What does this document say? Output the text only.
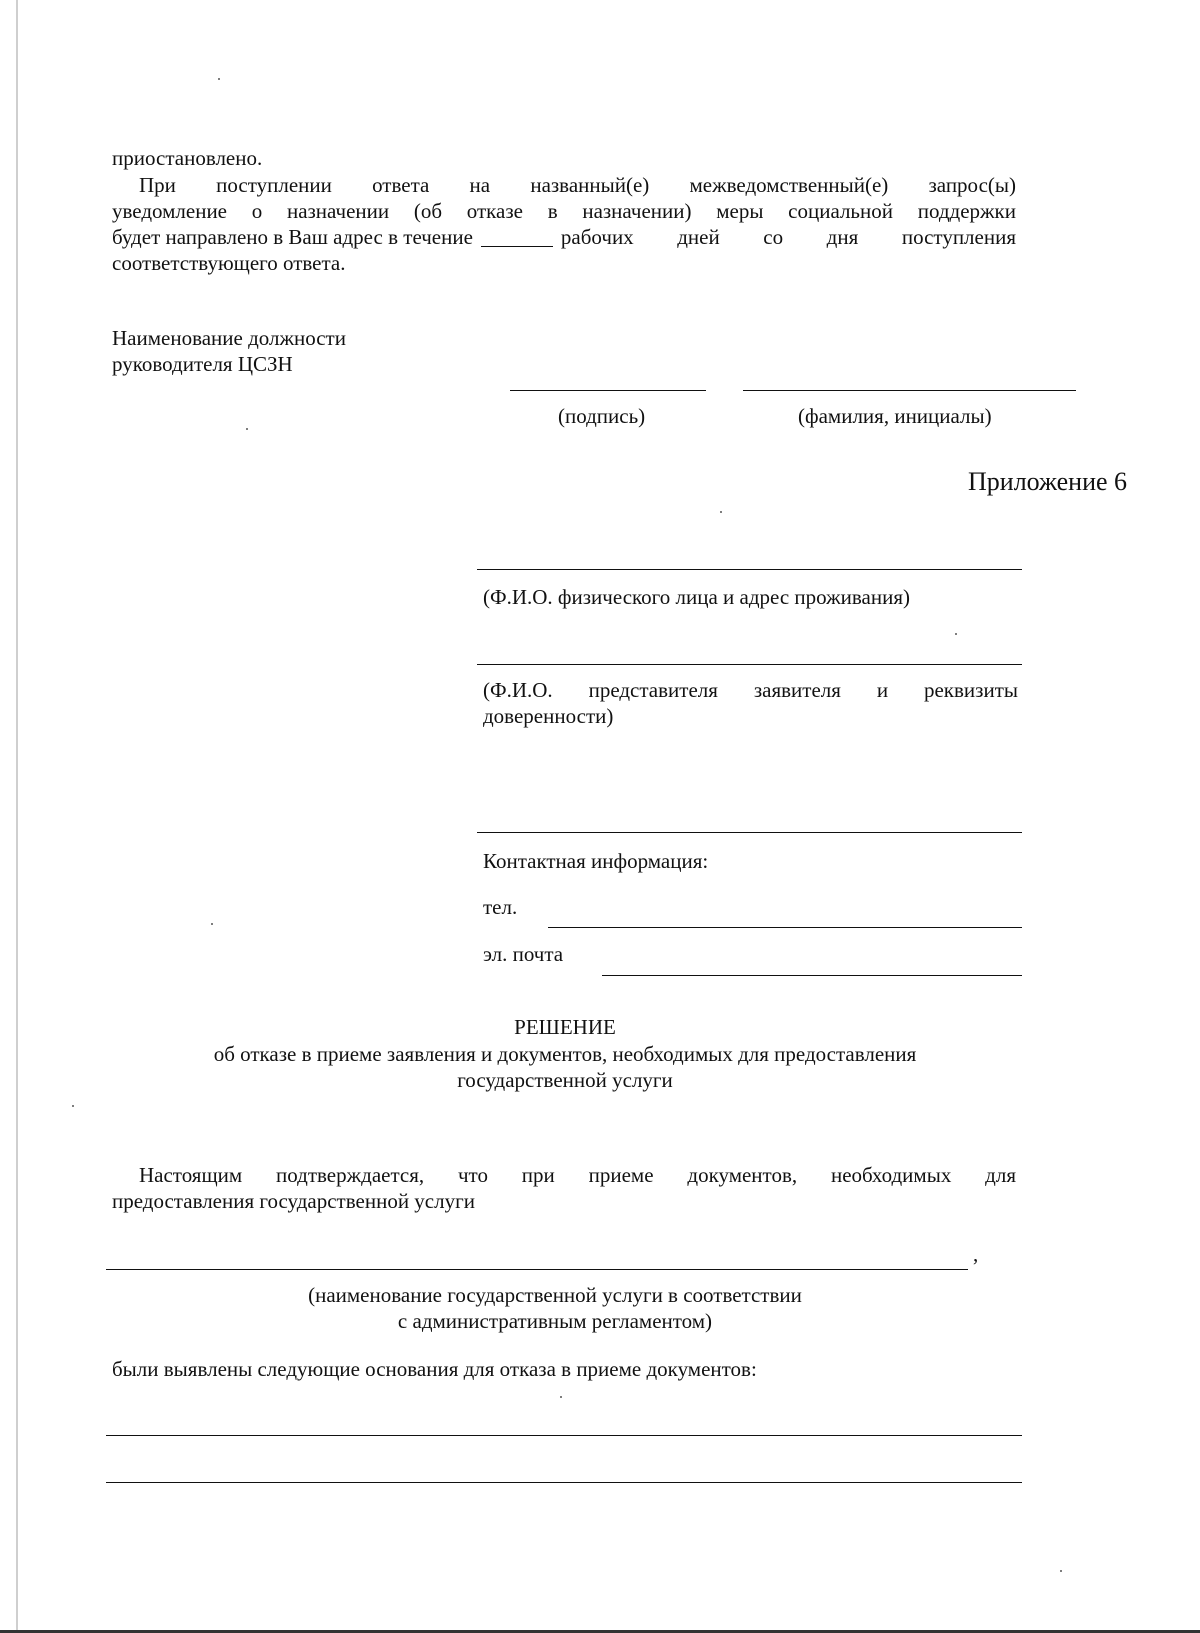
приостановлено.
При поступлении ответа на названный(е) межведомственный(е) запрос(ы)
уведомление о назначении (об отказе в назначении) меры социальной поддержки
будет направлено в Ваш адрес в течение	рабочих дней со дня поступления
соответствующего ответа.
Наименование должности
руководителя ЦСЗН
(подпись)	(фамилия, инициалы)
Приложение 6
(Ф.И.О. физического лица и адрес проживания)
(Ф.И.О. представителя заявителя и реквизиты
доверенности)
Контактная информация:
тел.
эл. почта
РЕШЕНИЕ
об отказе в приеме заявления и документов, необходимых для предоставления
государственной услуги
Настоящим подтверждается, что при приеме документов, необходимых для
предоставления государственной услуги
,
(наименование государственной услуги в соответствии
с административным регламентом)
были выявлены следующие основания для отказа в приеме документов:
